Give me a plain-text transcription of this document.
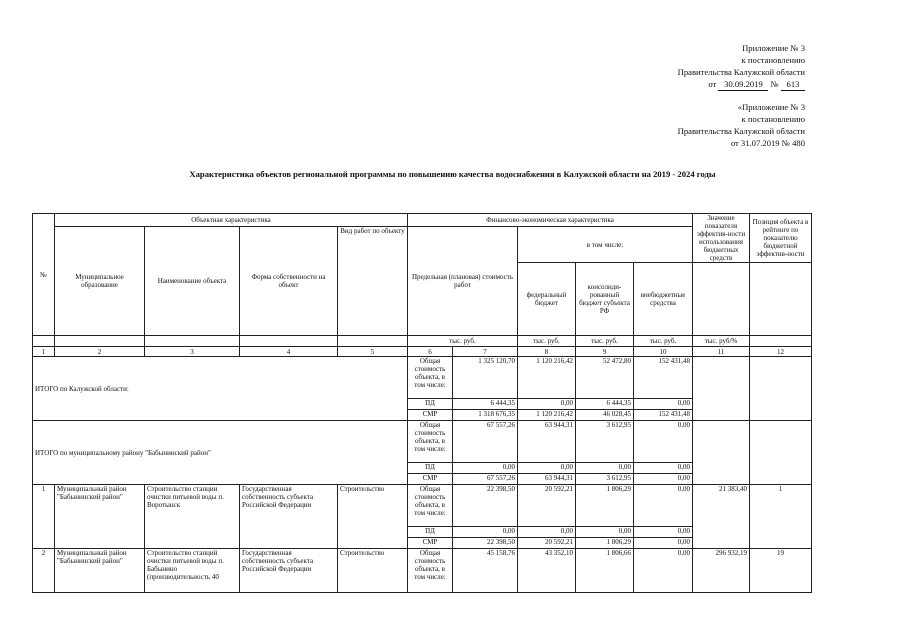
Приложение № 3
к постановлению
Правительства Калужской области
от 30.09.2019 № 613
«Приложение № 3
к постановлению
Правительства Калужской области
от 31.07.2019 № 480
Характеристика объектов региональной программы по повышению качества водоснабжения в Калужской области на 2019 - 2024 годы
№	Объектная характеристика				Финансово-экономическая характеристика					Значение показателя эффектив-ности использования бюджетных средств	Позиция объекта в рейтинге по показателю бюджетной эффектив-ности
	Муниципальное образование	Наименование объекта	Форма собственности на объект	Вид работ по объекту	Предельная (плановая) стоимость работ		в том числе:				
							федеральный бюджет	консолиди-рованный бюджет субъекта РФ	внебюджетные средства		
					тыс. руб.		тыс. руб.	тыс. руб.	тыс. руб.	тыс. руб/%	
1	2	3	4	5	6	7	8	9	10	11	12
ИТОГО по Калужской области:					Общая стоимость объекта, в том числе:	1 325 120,70	1 120 216,42	52 472,80	152 431,48		
					ПД	6 444,35	0,00	6 444,35	0,00		
					СМР	1 318 676,35	1 120 216,42	46 028,45	152 431,48		
ИТОГО по муниципальному району "Бабынинский район"					Общая стоимость объекта, в том числе:	67 557,26	63 944,31	3 612,95	0,00		
					ПД	0,00	0,00	0,00	0,00		
					СМР	67 557,26	63 944,31	3 612,95	0,00		
1	Муниципальный район "Бабынинский район"	Строительство станции очистки питьевой воды п. Воротынск	Государственная собственность субъекта Российской Федерации	Строительство	Общая стоимость объекта, в том числе:	22 398,50	20 592,21	1 806,29	0,00	21 383,40	1
					ПД	0,00	0,00	0,00	0,00		
					СМР	22 398,50	20 592,21	1 806,29	0,00		
2	Муниципальный район "Бабынинский район"	Строительство станций очистки питьевой воды п. Бабынино (производительность 40	Государственная собственность субъекта Российской Федерации	Строительство	Общая стоимость объекта, в том числе:	45 158,76	43 352,10	1 806,66	0,00	296 932,19	19
